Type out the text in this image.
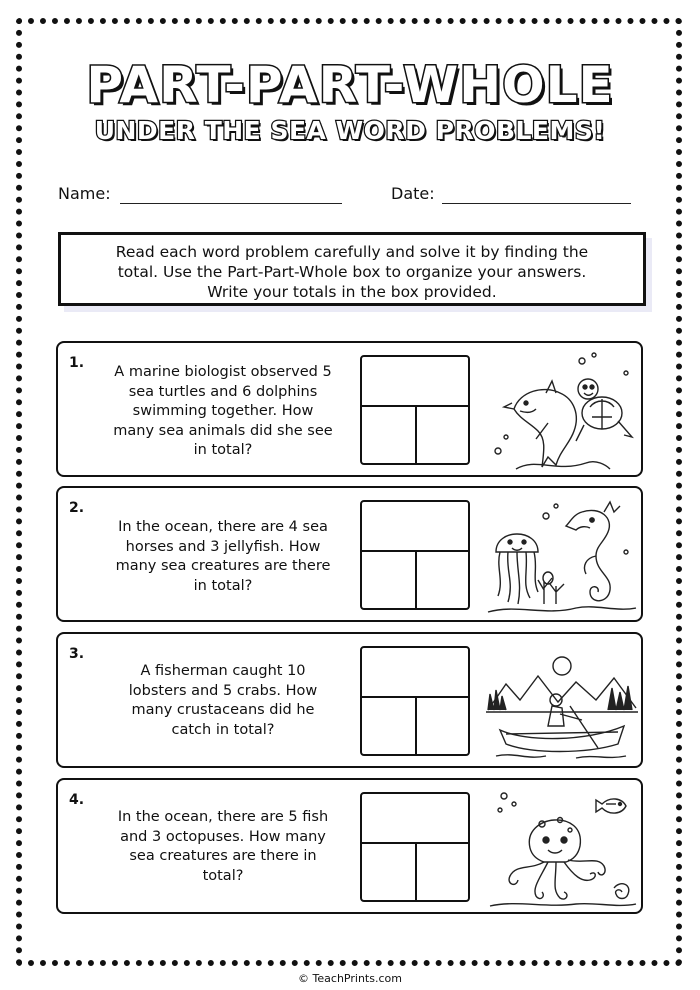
PART-PART-WHOLE
UNDER THE SEA WORD PROBLEMS!
Name:	Date:
Read each word problem carefully and solve it by finding the
total. Use the Part-Part-Whole box to organize your answers.
Write your totals in the box provided.
1.
A marine biologist observed 5
sea turtles and 6 dolphins
swimming together. How
many sea animals did she see
in total?
2.
In the ocean, there are 4 sea
horses and 3 jellyfish. How
many sea creatures are there
in total?
3.
A fisherman caught 10
lobsters and 5 crabs. How
many crustaceans did he
catch in total?
4.
In the ocean, there are 5 fish
and 3 octopuses. How many
sea creatures are there in
total?
© TeachPrints.com
